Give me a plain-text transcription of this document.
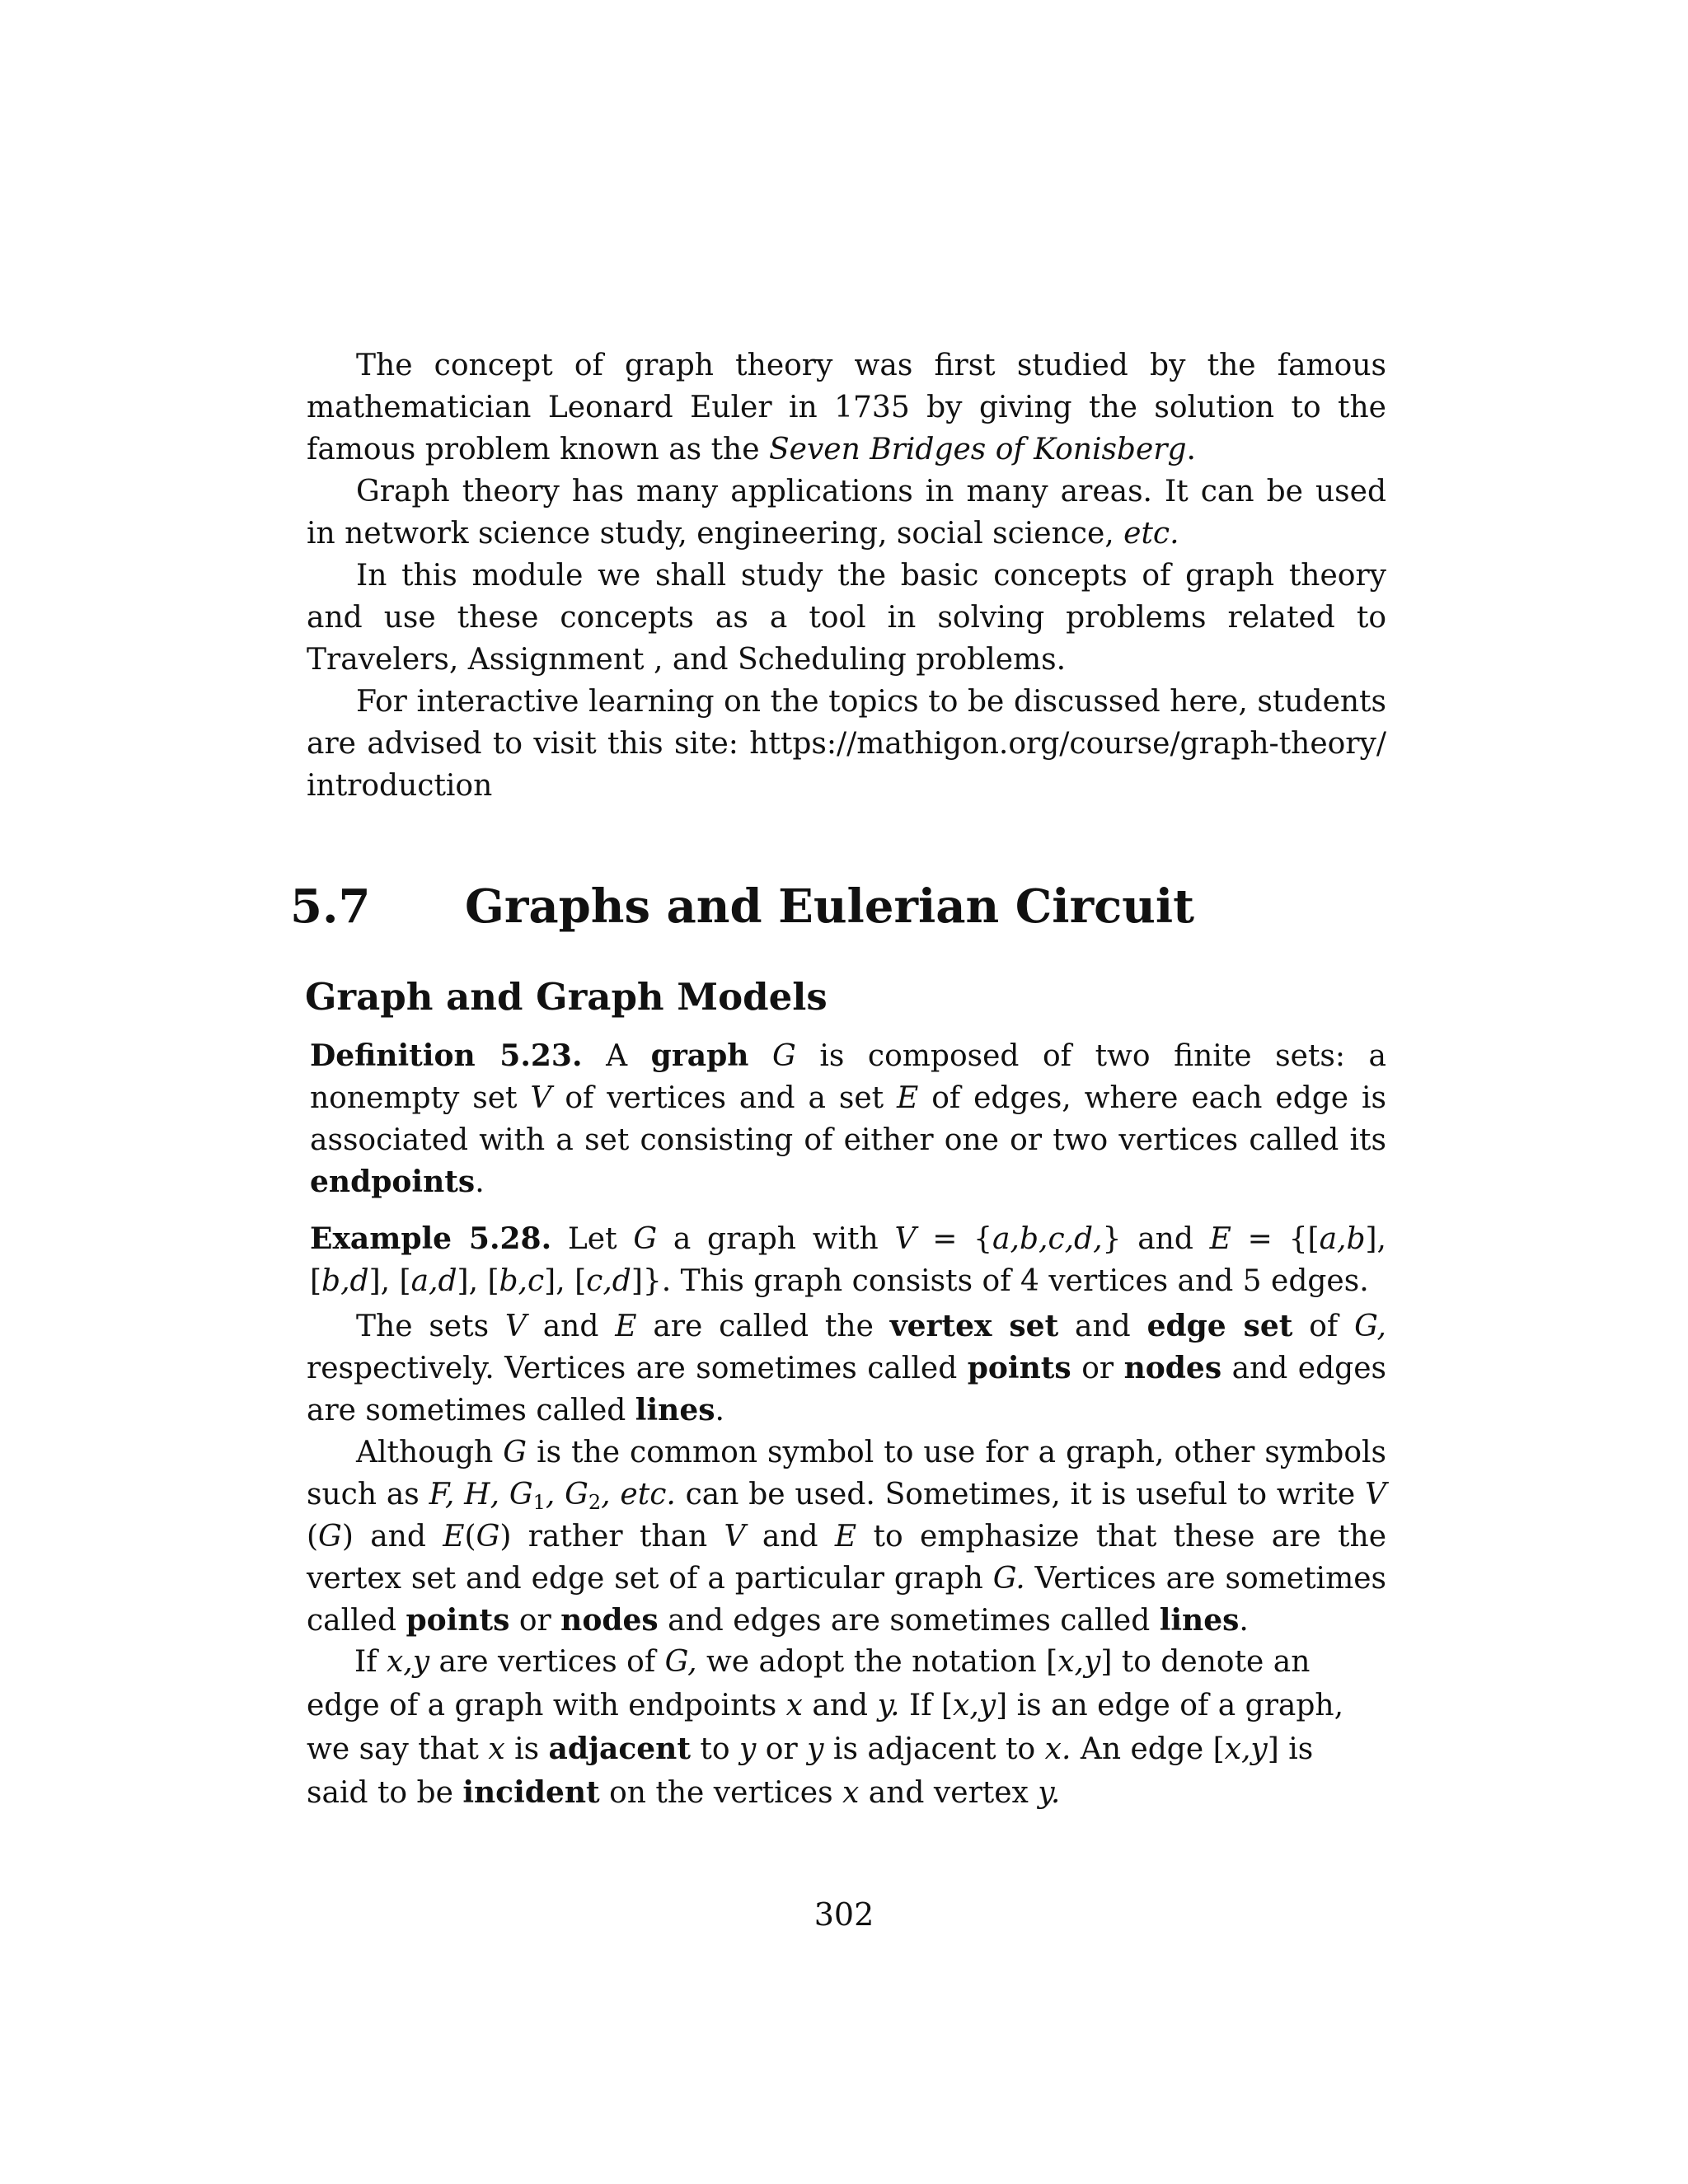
The concept of graph theory was first studied by the famous mathematician Leonard Euler in 1735 by giving the solution to the famous problem known as the Seven Bridges of Konisberg.

Graph theory has many applications in many areas. It can be used in network science study, engineering, social science, etc.

In this module we shall study the basic concepts of graph theory and use these concepts as a tool in solving problems related to Travelers, Assignment , and Scheduling problems.

For interactive learning on the topics to be discussed here, students are advised to visit this site: https://mathigon.org/course/graph-theory/ introduction

5.7 Graphs and Eulerian Circuit
Graph and Graph Models

Definition 5.23. A graph G is composed of two finite sets: a nonempty set V of vertices and a set E of edges, where each edge is associated with a set consisting of either one or two vertices called its endpoints.

Example 5.28. Let G a graph with V = {a,b,c,d,} and E = {[a,b], [b,d], [a,d], [b,c], [c,d]}. This graph consists of 4 vertices and 5 edges.

The sets V and E are called the vertex set and edge set of G, respectively. Vertices are sometimes called points or nodes and edges are sometimes called lines.

Although G is the common symbol to use for a graph, other symbols such as F, H, $G_1$, $G_2$, etc. can be used. Sometimes, it is useful to write V (G) and E(G) rather than V and E to emphasize that these are the vertex set and edge set of a particular graph G. Vertices are sometimes called points or nodes and edges are sometimes called lines.

If x,y are vertices of G, we adopt the notation [x,y] to denote an edge of a graph with endpoints x and y. If [x,y] is an edge of a graph, we say that x is adjacent to y or y is adjacent to x. An edge [x,y] is said to be incident on the vertices x and vertex y.

302
